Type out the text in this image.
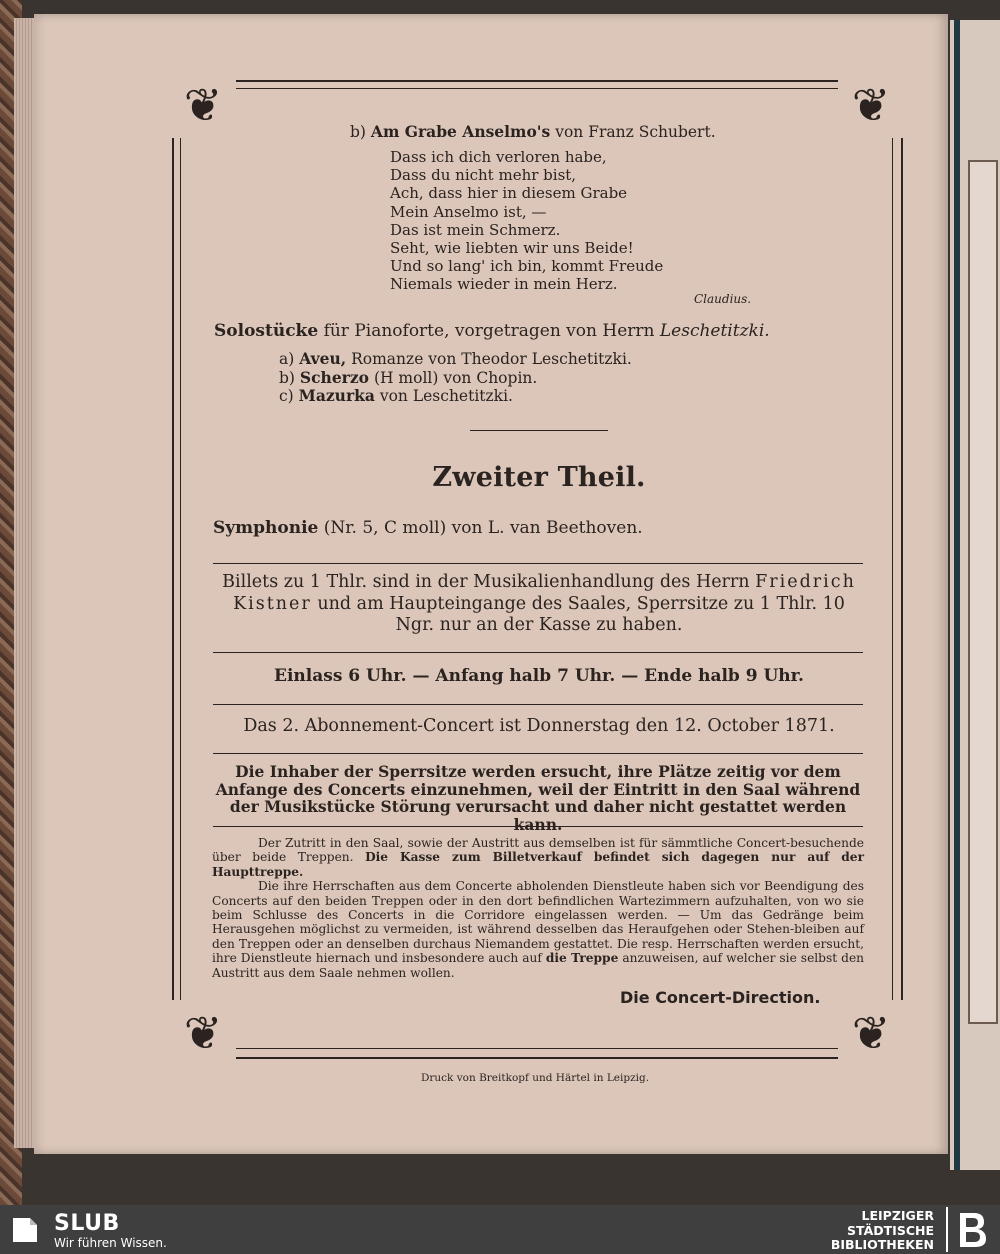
❦	❦
❦	❦
b) Am Grabe Anselmo's von Franz Schubert.
Dass ich dich verloren habe,
Dass du nicht mehr bist,
Ach, dass hier in diesem Grabe
Mein Anselmo ist, —
Das ist mein Schmerz.
Seht, wie liebten wir uns Beide!
Und so lang' ich bin, kommt Freude
Niemals wieder in mein Herz.
Claudius.
Solostücke für Pianoforte, vorgetragen von Herrn Leschetitzki.
a) Aveu, Romanze von Theodor Leschetitzki.
b) Scherzo (H moll) von Chopin.
c) Mazurka von Leschetitzki.
Zweiter Theil.
Symphonie (Nr. 5, C moll) von L. van Beethoven.
Billets zu 1 Thlr. sind in der Musikalienhandlung des Herrn Friedrich Kistner und am Haupteingange des Saales, Sperrsitze zu 1 Thlr. 10 Ngr. nur an der Kasse zu haben.
Einlass 6 Uhr. — Anfang halb 7 Uhr. — Ende halb 9 Uhr.
Das 2. Abonnement-Concert ist Donnerstag den 12. October 1871.
Die Inhaber der Sperrsitze werden ersucht, ihre Plätze zeitig vor dem Anfange des Concerts einzunehmen, weil der Eintritt in den Saal während der Musikstücke Störung verursacht und daher nicht gestattet werden kann.

Der Zutritt in den Saal, sowie der Austritt aus demselben ist für sämmtliche Concert-besuchende über beide Treppen. Die Kasse zum Billetverkauf befindet sich dagegen nur auf der Haupttreppe.

Die ihre Herrschaften aus dem Concerte abholenden Dienstleute haben sich vor Beendigung des Concerts auf den beiden Treppen oder in den dort befindlichen Wartezimmern aufzuhalten, von wo sie beim Schlusse des Concerts in die Corridore eingelassen werden. — Um das Gedränge beim Herausgehen möglichst zu vermeiden, ist während desselben das Heraufgehen oder Stehen-bleiben auf den Treppen oder an denselben durchaus Niemandem gestattet. Die resp. Herrschaften werden ersucht, ihre Dienstleute hiernach und insbesondere auch auf die Treppe anzuweisen, auf welcher sie selbst den Austritt aus dem Saale nehmen wollen.

Die Concert-Direction.
Druck von Breitkopf und Härtel in Leipzig.
SLUB
Wir führen Wissen.
LEIPZIGER
STÄDTISCHE
BIBLIOTHEKEN
